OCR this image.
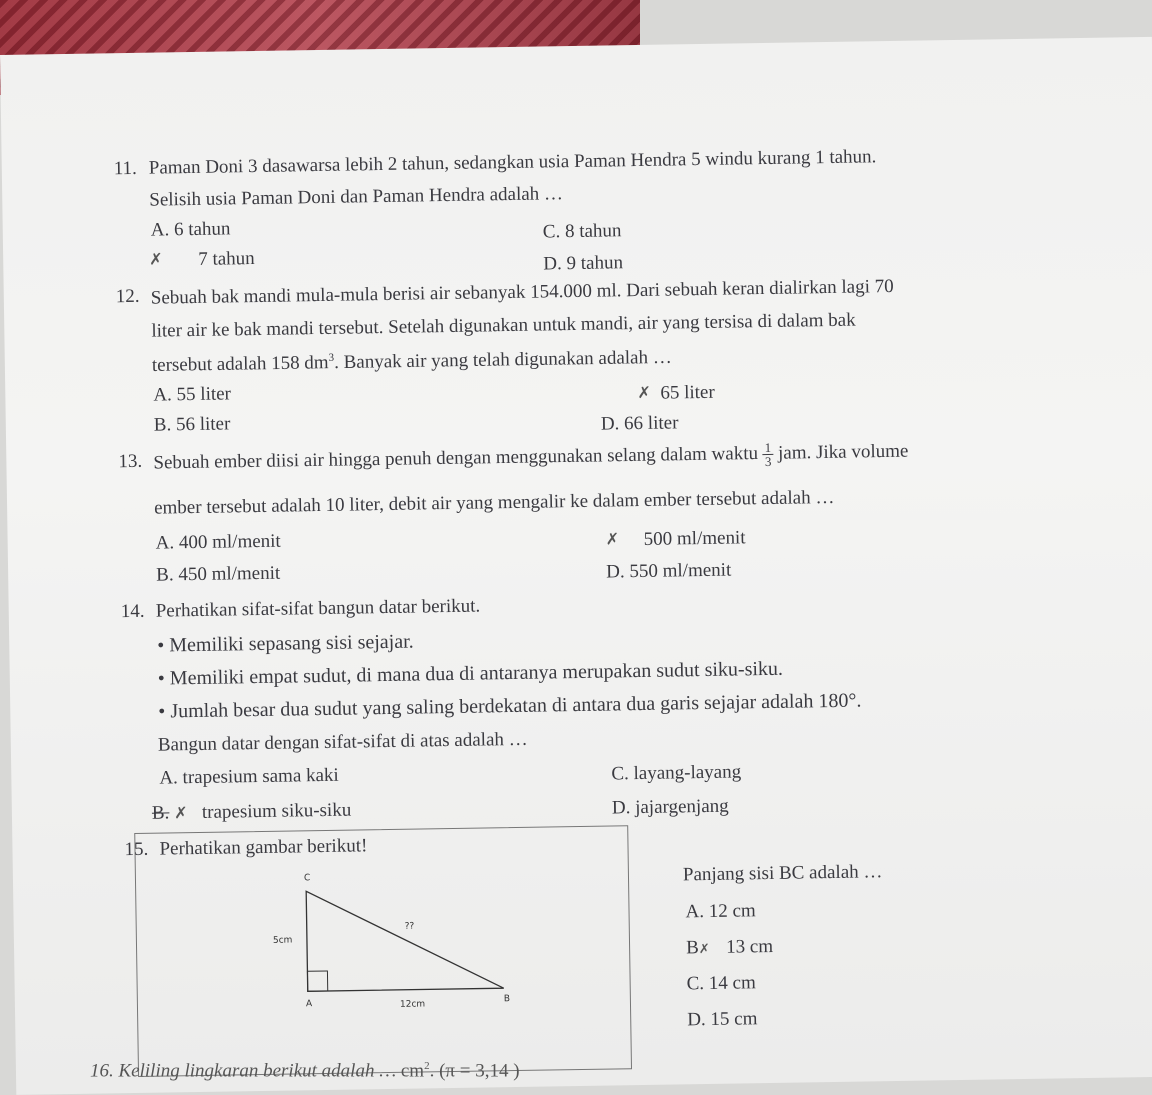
11. Paman Doni 3 dasawarsa lebih 2 tahun, sedangkan usia Paman Hendra 5 windu kurang 1 tahun.
Selisih usia Paman Doni dan Paman Hendra adalah …
A. 6 tahun	C. 8 tahun
✗ 7 tahun	D. 9 tahun
12. Sebuah bak mandi mula-mula berisi air sebanyak 154.000 ml. Dari sebuah keran dialirkan lagi 70
liter air ke bak mandi tersebut. Setelah digunakan untuk mandi, air yang tersisa di dalam bak
tersebut adalah 158 $dm^3$. Banyak air yang telah digunakan adalah …
A. 55 liter	✗ 65 liter
B. 56 liter	D. 66 liter
13. Sebuah ember diisi air hingga penuh dengan menggunakan selang dalam waktu $\frac{1}{3}$ jam. Jika volume
ember tersebut adalah 10 liter, debit air yang mengalir ke dalam ember tersebut adalah …
A. 400 ml/menit	✗ 500 ml/menit
B. 450 ml/menit	D. 550 ml/menit
14. Perhatikan sifat-sifat bangun datar berikut.
• Memiliki sepasang sisi sejajar.
• Memiliki empat sudut, di mana dua di antaranya merupakan sudut siku-siku.
• Jumlah besar dua sudut yang saling berdekatan di antara dua garis sejajar adalah 180°.
Bangun datar dengan sifat-sifat di atas adalah …
A. trapesium sama kaki	C. layang-layang
B. ✗ trapesium siku-siku	D. jajargenjang
15. Perhatikan gambar berikut!
C
A
B
5cm
12cm
??
Panjang sisi BC adalah …
A. 12 cm
B✗ 13 cm
C. 14 cm
D. 15 cm
16. Keliling lingkaran berikut adalah … $cm^2$. (π = 3,14 )
